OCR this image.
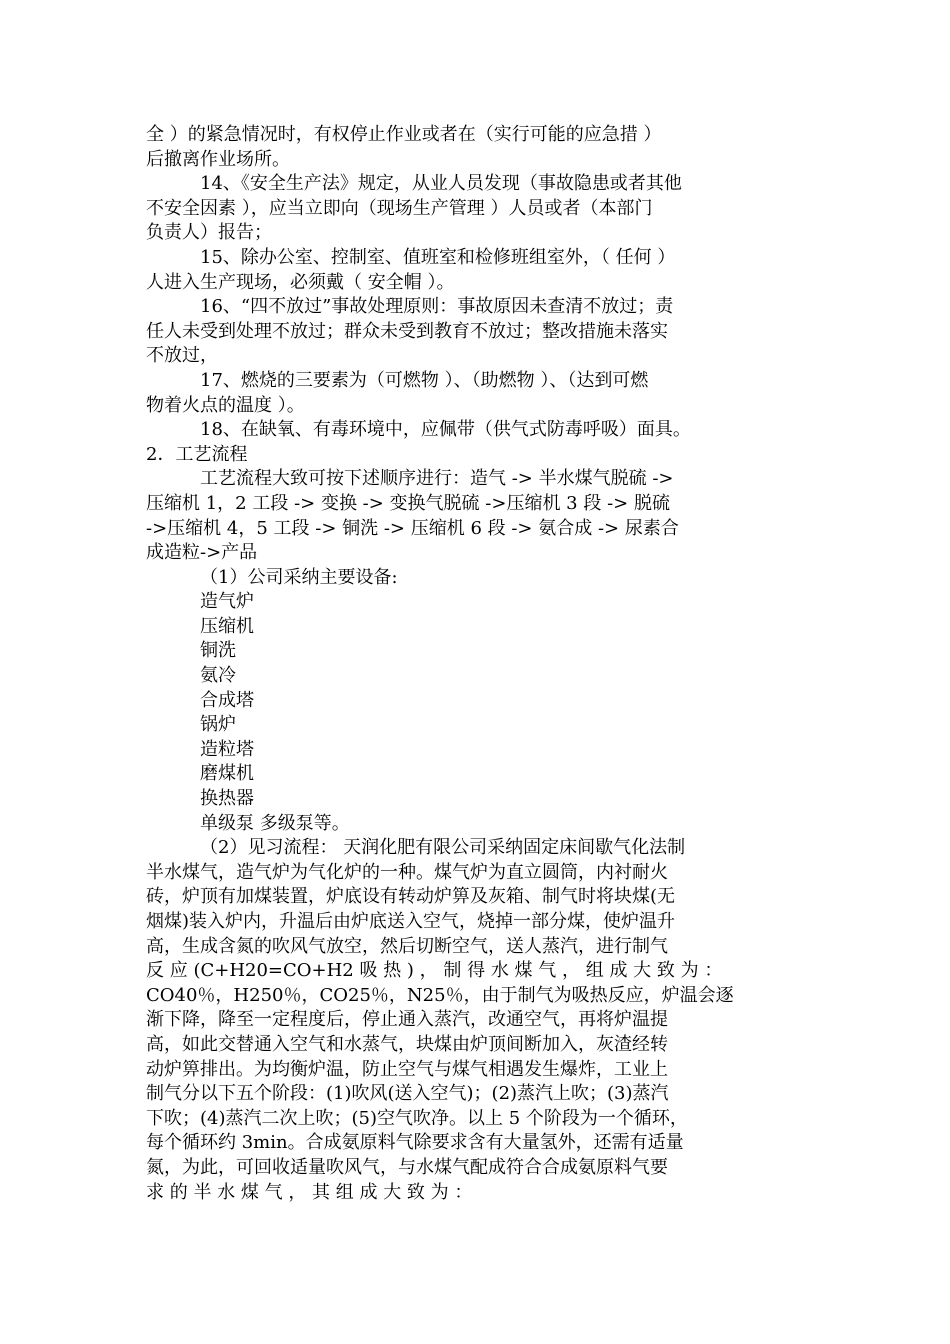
全 ）的紧急情况时，有权停止作业或者在（实行可能的应急措 ）
后撤离作业场所。
14、《安全生产法》规定，从业人员发现（事故隐患或者其他
不安全因素 ），应当立即向（现场生产管理 ）人员或者（本部门
负责人）报告；
15、除办公室、控制室、值班室和检修班组室外，（ 任何 ）
人进入生产现场，必须戴（ 安全帽 ）。
16、“四不放过”事故处理原则：事故原因未查清不放过；责
任人未受到处理不放过；群众未受到教育不放过；整改措施未落实
不放过，
17、燃烧的三要素为（可燃物 ）、（助燃物 ）、（达到可燃
物着火点的温度 ）。
18、在缺氧、有毒环境中，应佩带（供气式防毒呼吸）面具。
2．工艺流程
工艺流程大致可按下述顺序进行：造气 -> 半水煤气脱硫 ->
压缩机 1，2 工段 -> 变换 -> 变换气脱硫 ->压缩机 3 段 -> 脱硫
->压缩机 4，5 工段 -> 铜洗 -> 压缩机 6 段 -> 氨合成 -> 尿素合
成造粒->产品
（1）公司采纳主要设备:
造气炉
压缩机
铜洗
氨冷
合成塔
锅炉
造粒塔
磨煤机
换热器
单级泵 多级泵等。
（2）见习流程： 天润化肥有限公司采纳固定床间歇气化法制
半水煤气，造气炉为气化炉的一种。煤气炉为直立圆筒，内衬耐火
砖，炉顶有加煤装置，炉底设有转动炉箅及灰箱、制气时将块煤(无
烟煤)装入炉内，升温后由炉底送入空气，烧掉一部分煤，使炉温升
高，生成含氮的吹风气放空，然后切断空气，送人蒸汽，进行制气
反 应 (C+H20=CO+H2 吸 热 ) ， 制 得 水 煤 气 ， 组 成 大 致 为 ：
CO40％，H250％，CO25％，N25％，由于制气为吸热反应，炉温会逐
渐下降，降至一定程度后，停止通入蒸汽，改通空气，再将炉温提
高，如此交替通入空气和水蒸气，块煤由炉顶间断加入，灰渣经转
动炉箅排出。为均衡炉温，防止空气与煤气相遇发生爆炸，工业上
制气分以下五个阶段：(1)吹风(送入空气)；(2)蒸汽上吹；(3)蒸汽
下吹；(4)蒸汽二次上吹；(5)空气吹净。以上 5 个阶段为一个循环，
每个循环约 3min。合成氨原料气除要求含有大量氢外，还需有适量
氮，为此，可回收适量吹风气，与水煤气配成符合合成氨原料气要
求 的 半 水 煤 气 ， 其 组 成 大 致 为 ：
